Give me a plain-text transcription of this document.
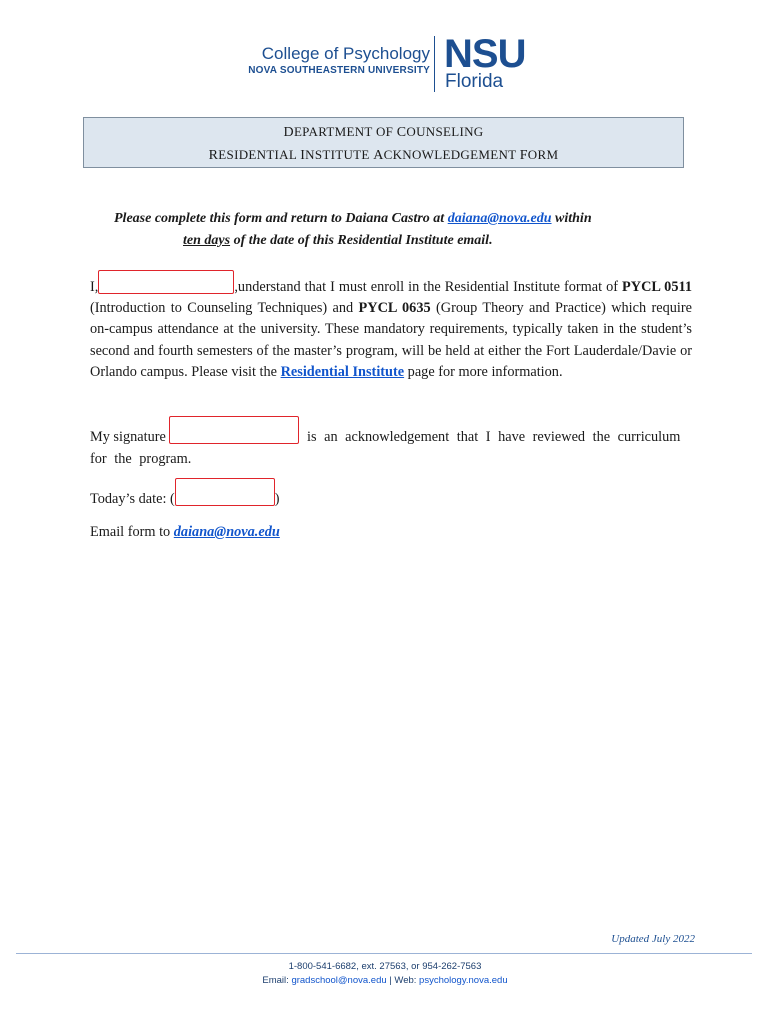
College of Psychology
NOVA SOUTHEASTERN UNIVERSITY NSU
Florida
DEPARTMENT OF COUNSELING
RESIDENTIAL INSTITUTE ACKNOWLEDGEMENT FORM
Please complete this form and return to Daiana Castro at daiana@nova.edu within
ten days of the date of this Residential Institute email.
I,	,understand that I must enroll in the Residential Institute format of PYCL 0511 (Introduction to Counseling Techniques) and PYCL 0635 (Group Theory and Practice) which require on-campus attendance at the university. These mandatory requirements, typically taken in the student’s second and fourth semesters of the master’s program, will be held at either the Fort Lauderdale/Davie or Orlando campus. Please visit the Residential Institute page for more information.
My signature	is an acknowledgement that I have reviewed the curriculum for the program.
Today’s date: (	)
Email form to daiana@nova.edu
Updated July 2022
1-800-541-6682, ext. 27563, or 954-262-7563
Email: gradschool@nova.edu | Web: psychology.nova.edu
